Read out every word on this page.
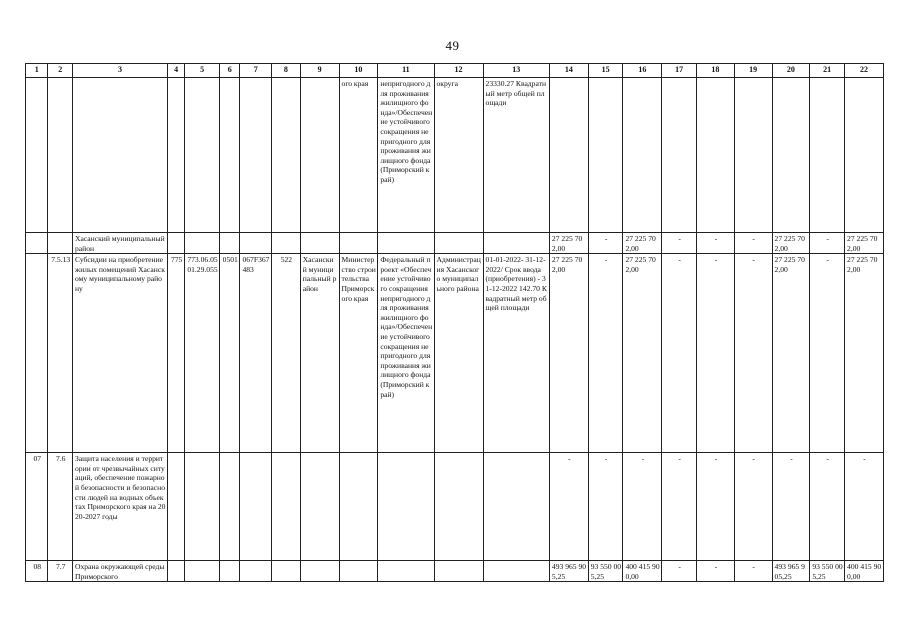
49
1	2	3	4	5	6	7	8	9	10	11	12	13	14	15	16	17	18	19	20	21	22
									ого края	непригодного для проживания жилищного фонда»/Обеспечение устойчивого сокращения непригодного для проживания жилищного фонда (Приморский край)	округа	23330.27 Квадратный метр общей площади									
		Хасанский муниципальный район											27 225 702,00	-	27 225 702,00	-	-	-	27 225 702,00	-	27 225 702,00
	7.5.13	Субсидии на приобретение жилых помещений Хасанскому муниципальному району	775	773.06.0501.29.055	0501	067F367483	522	Хасанский муниципальный район	Министерство строительства Приморского края	Федеральный проект «Обеспечение устойчивого сокращения непригодного для проживания жилищного фонда»/Обеспечение устойчивого сокращения непригодного для проживания жилищного фонда (Приморский край)	Администрация Хасанского муниципального района	01-01-2022- 31-12-2022/ Срок ввода (приобретения) - 31-12-2022 142.70 Квадратный метр общей площади	27 225 702,00	-	27 225 702,00	-	-	-	27 225 702,00	-	27 225 702,00
07	7.6	Защита населения и территории от чрезвычайных ситуаций, обеспечение пожарной безопасности и безопасности людей на водных объектах Приморского края на 2020-2027 годы											-	-	-	-	-	-	-	-	-
08	7.7	Охрана окружающей среды Приморского											493 965 905,25	93 550 005,25	400 415 900,00	-	-	-	493 965 905,25	93 550 005,25	400 415 900,00
